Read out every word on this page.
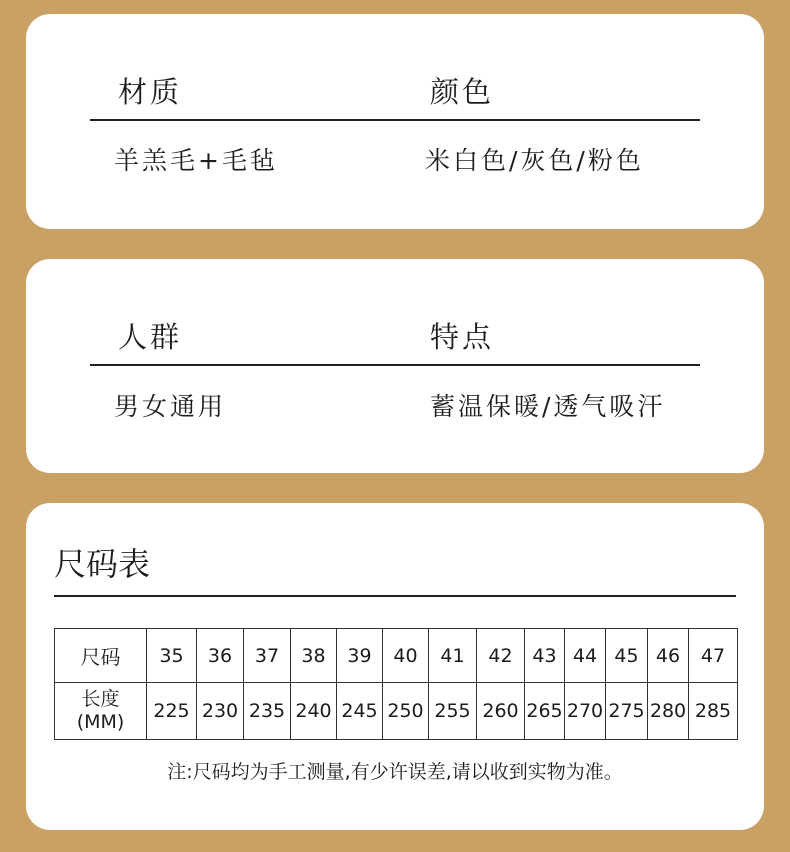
材质	颜色
羊羔毛+毛毡	米白色/灰色/粉色
人群	特点
男女通用	蓄温保暖/透气吸汗
尺码表
尺码	35	36	37	38	39	40	41	42	43	44	45	46	47

长度
(MM)	225	230	235	240	245	250	255	260	265	270	275	280	285
注:尺码均为手工测量,有少许误差,请以收到实物为准。
